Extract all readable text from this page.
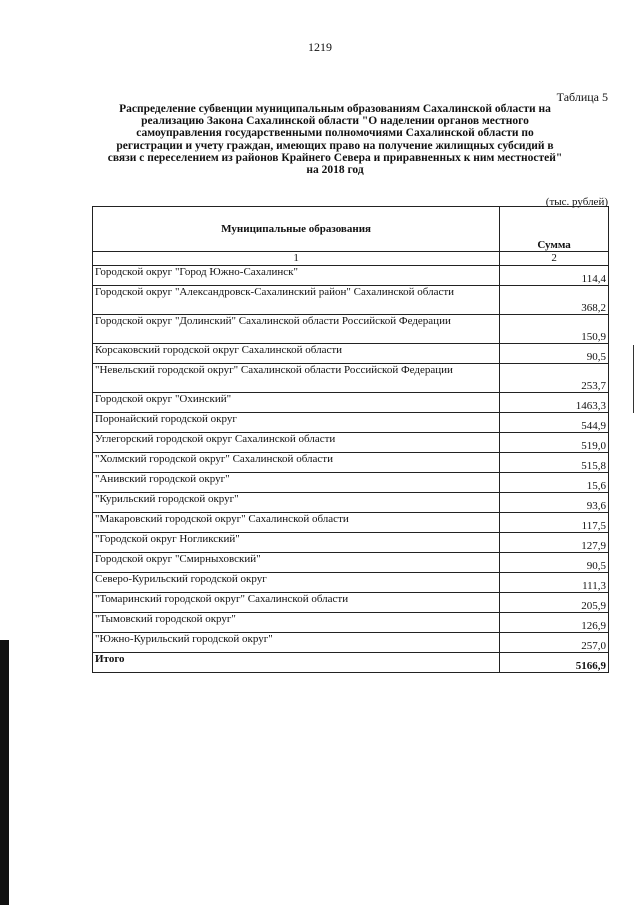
1219
Таблица 5
Распределение субвенции муниципальным образованиям Сахалинской области на
реализацию Закона Сахалинской области "О наделении органов местного
самоуправления государственными полномочиями Сахалинской области по
регистрации и учету граждан, имеющих право на получение жилищных субсидий в
связи с переселением из районов Крайнего Севера и приравненных к ним местностей"
на 2018 год
(тыс. рублей)
Муниципальные образования	Сумма
1	2
Городской округ "Город Южно-Сахалинск"	114,4
Городской округ "Александровск-Сахалинский район" Сахалинской области	368,2
Городской округ "Долинский" Сахалинской области Российской Федерации	150,9
Корсаковский городской округ Сахалинской области	90,5
"Невельский городской округ" Сахалинской области Российской Федерации	253,7
Городской округ "Охинский"	1463,3
Поронайский городской округ	544,9
Углегорский городской округ Сахалинской области	519,0
"Холмский городской округ" Сахалинской области	515,8
"Анивский городской округ"	15,6
"Курильский городской округ"	93,6
"Макаровский городской округ" Сахалинской области	117,5
"Городской округ Ногликский"	127,9
Городской округ "Смирныховский"	90,5
Северо-Курильский городской округ	111,3
"Томаринский городской округ" Сахалинской области	205,9
"Тымовский городской округ"	126,9
"Южно-Курильский городской округ"	257,0
Итого	5166,9
